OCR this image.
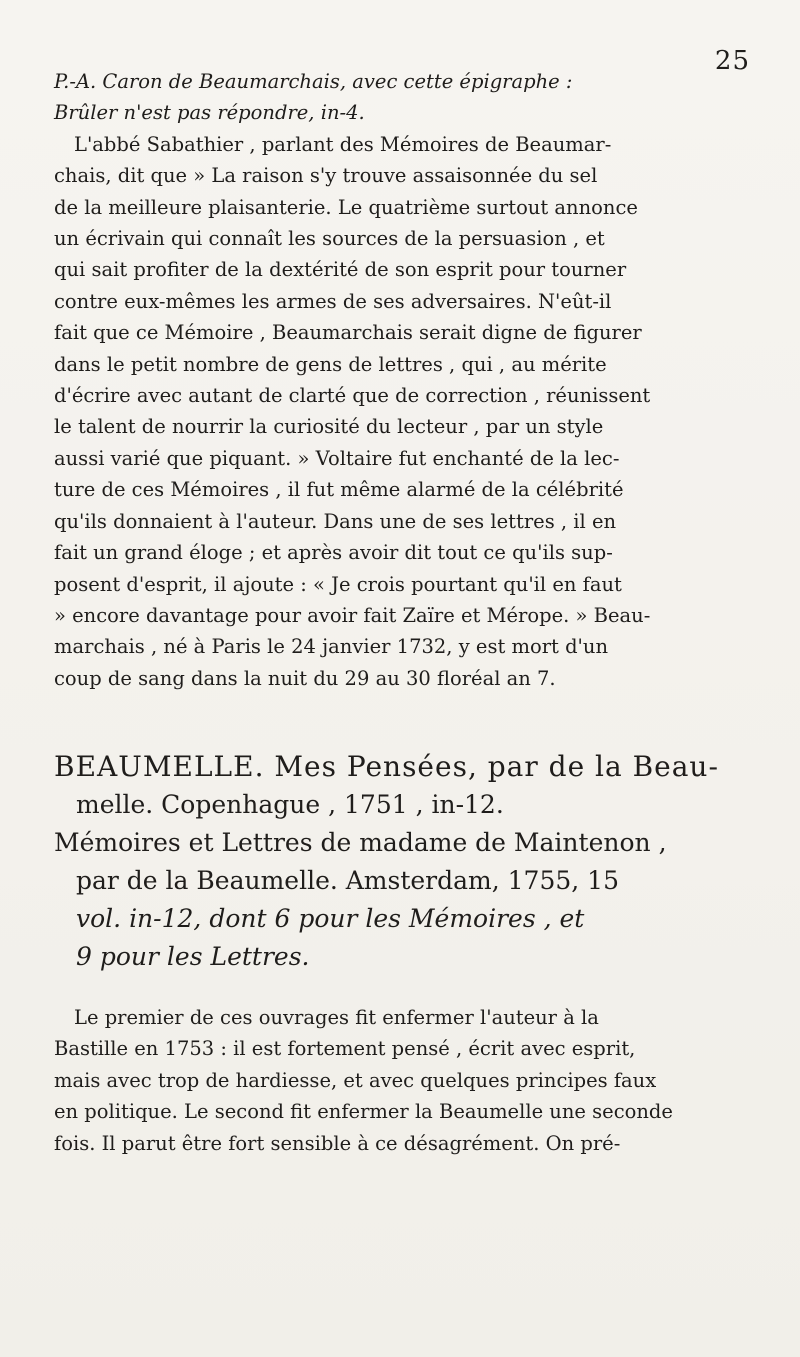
25
P.-A. Caron de Beaumarchais, avec cette épigraphe :
Brûler n'est pas répondre, in-4.
L'abbé Sabathier , parlant des Mémoires de Beaumar-
chais, dit que » La raison s'y trouve assaisonnée du sel
de la meilleure plaisanterie. Le quatrième surtout annonce
un écrivain qui connaît les sources de la persuasion , et
qui sait profiter de la dextérité de son esprit pour tourner
contre eux-mêmes les armes de ses adversaires. N'eût-il
fait que ce Mémoire , Beaumarchais serait digne de figurer
dans le petit nombre de gens de lettres , qui , au mérite
d'écrire avec autant de clarté que de correction , réunissent
le talent de nourrir la curiosité du lecteur , par un style
aussi varié que piquant. » Voltaire fut enchanté de la lec-
ture de ces Mémoires , il fut même alarmé de la célébrité
qu'ils donnaient à l'auteur. Dans une de ses lettres , il en
fait un grand éloge ; et après avoir dit tout ce qu'ils sup-
posent d'esprit, il ajoute : « Je crois pourtant qu'il en faut
» encore davantage pour avoir fait Zaïre et Mérope. » Beau-
marchais , né à Paris le 24 janvier 1732, y est mort d'un
coup de sang dans la nuit du 29 au 30 floréal an 7.
BEAUMELLE. Mes Pensées, par de la Beau-
melle. Copenhague , 1751 , in-12.
Mémoires et Lettres de madame de Maintenon ,
par de la Beaumelle. Amsterdam, 1755, 15
vol. in-12, dont 6 pour les Mémoires , et
9 pour les Lettres.
Le premier de ces ouvrages fit enfermer l'auteur à la
Bastille en 1753 : il est fortement pensé , écrit avec esprit,
mais avec trop de hardiesse, et avec quelques principes faux
en politique. Le second fit enfermer la Beaumelle une seconde
fois. Il parut être fort sensible à ce désagrément. On pré-
